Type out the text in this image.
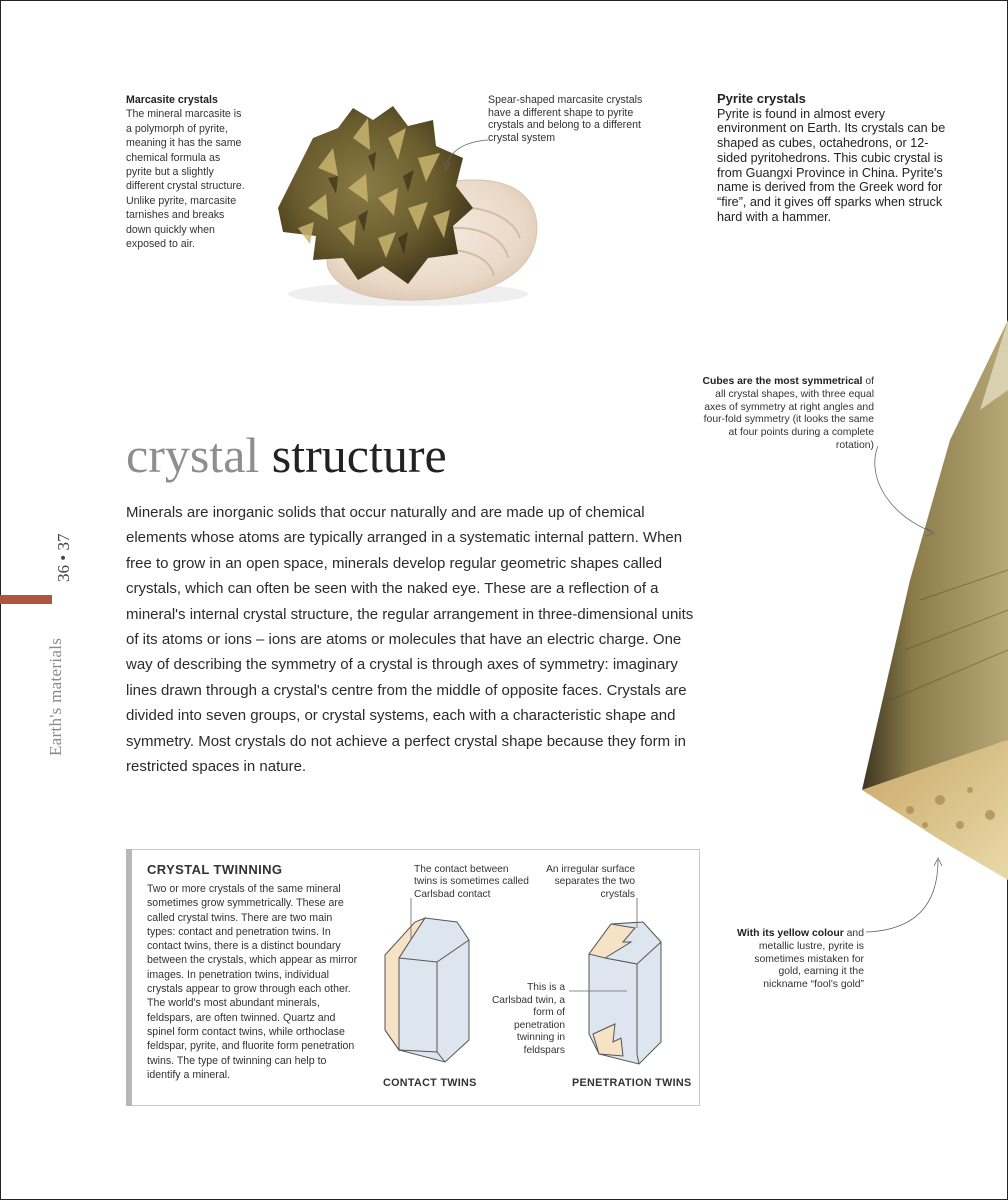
Earth's materials
36 • 37
Marcasite crystals
The mineral marcasite is a polymorph of pyrite, meaning it has the same chemical formula as pyrite but a slightly different crystal structure. Unlike pyrite, marcasite tarnishes and breaks down quickly when exposed to air.
Spear-shaped marcasite crystals have a different shape to pyrite crystals and belong to a different crystal system
Pyrite crystals
Pyrite is found in almost every environment on Earth. Its crystals can be shaped as cubes, octahedrons, or 12-sided pyritohedrons. This cubic crystal is from Guangxi Province in China. Pyrite's name is derived from the Greek word for “fire”, and it gives off sparks when struck hard with a hammer.
Cubes are the most symmetrical of all crystal shapes, with three equal axes of symmetry at right angles and four-fold symmetry (it looks the same at four points during a complete rotation)
With its yellow colour and metallic lustre, pyrite is sometimes mistaken for gold, earning it the nickname “fool's gold”
crystal structure
Minerals are inorganic solids that occur naturally and are made up of chemical elements whose atoms are typically arranged in a systematic internal pattern. When free to grow in an open space, minerals develop regular geometric shapes called crystals, which can often be seen with the naked eye. These are a reflection of a mineral's internal crystal structure, the regular arrangement in three-dimensional units of its atoms or ions – ions are atoms or molecules that have an electric charge. One way of describing the symmetry of a crystal is through axes of symmetry: imaginary lines drawn through a crystal's centre from the middle of opposite faces. Crystals are divided into seven groups, or crystal systems, each with a characteristic shape and symmetry. Most crystals do not achieve a perfect crystal shape because they form in restricted spaces in nature.
CRYSTAL TWINNING
Two or more crystals of the same mineral sometimes grow symmetrically. These are called crystal twins. There are two main types: contact and penetration twins. In contact twins, there is a distinct boundary between the crystals, which appear as mirror images. In penetration twins, individual crystals appear to grow through each other. The world's most abundant minerals, feldspars, are often twinned. Quartz and spinel form contact twins, while orthoclase feldspar, pyrite, and fluorite form penetration twins. The type of twinning can help to identify a mineral.
The contact between twins is sometimes called Carlsbad contact
An irregular surface separates the two crystals
This is a Carlsbad twin, a form of penetration twinning in feldspars
CONTACT TWINS	PENETRATION TWINS
